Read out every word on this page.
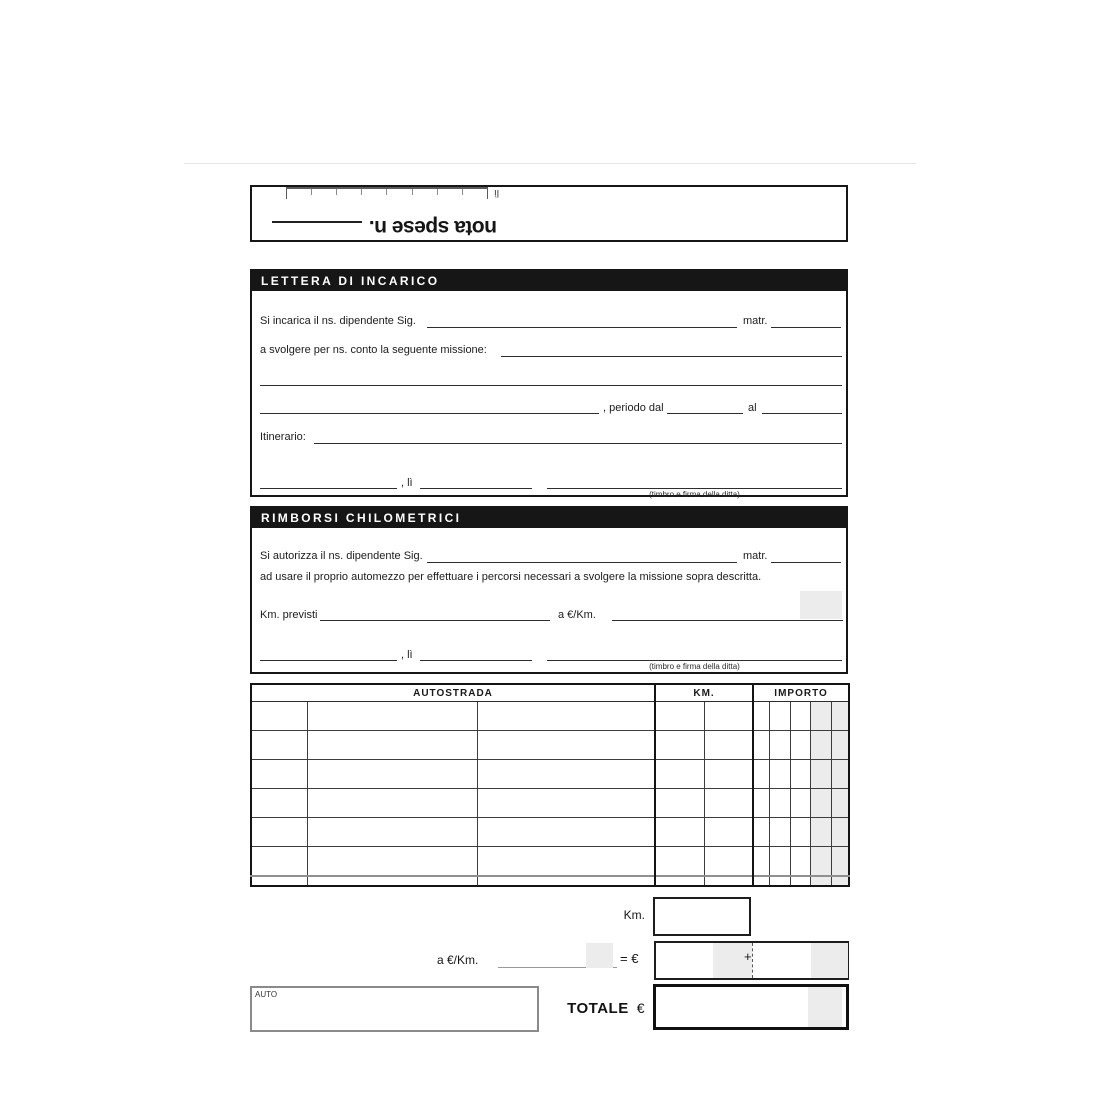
nota spese n.
lì
LETTERA DI INCARICO
Si incarica il ns. dipendente Sig.	matr.
a svolgere per ns. conto la seguente missione:
, periodo dal	al
Itinerario:
, lì
(timbro e firma della ditta)
RIMBORSI CHILOMETRICI
Si autorizza il ns. dipendente Sig.	matr.
ad usare il proprio automezzo per effettuare i percorsi necessari a svolgere la missione sopra descritta.
Km. previsti	a €/Km.
, lì
(timbro e firma della ditta)
AUTOSTRADA			KM.		IMPORTO				

Km.
a €/Km.	= €	+
AUTO
TOTALE €
